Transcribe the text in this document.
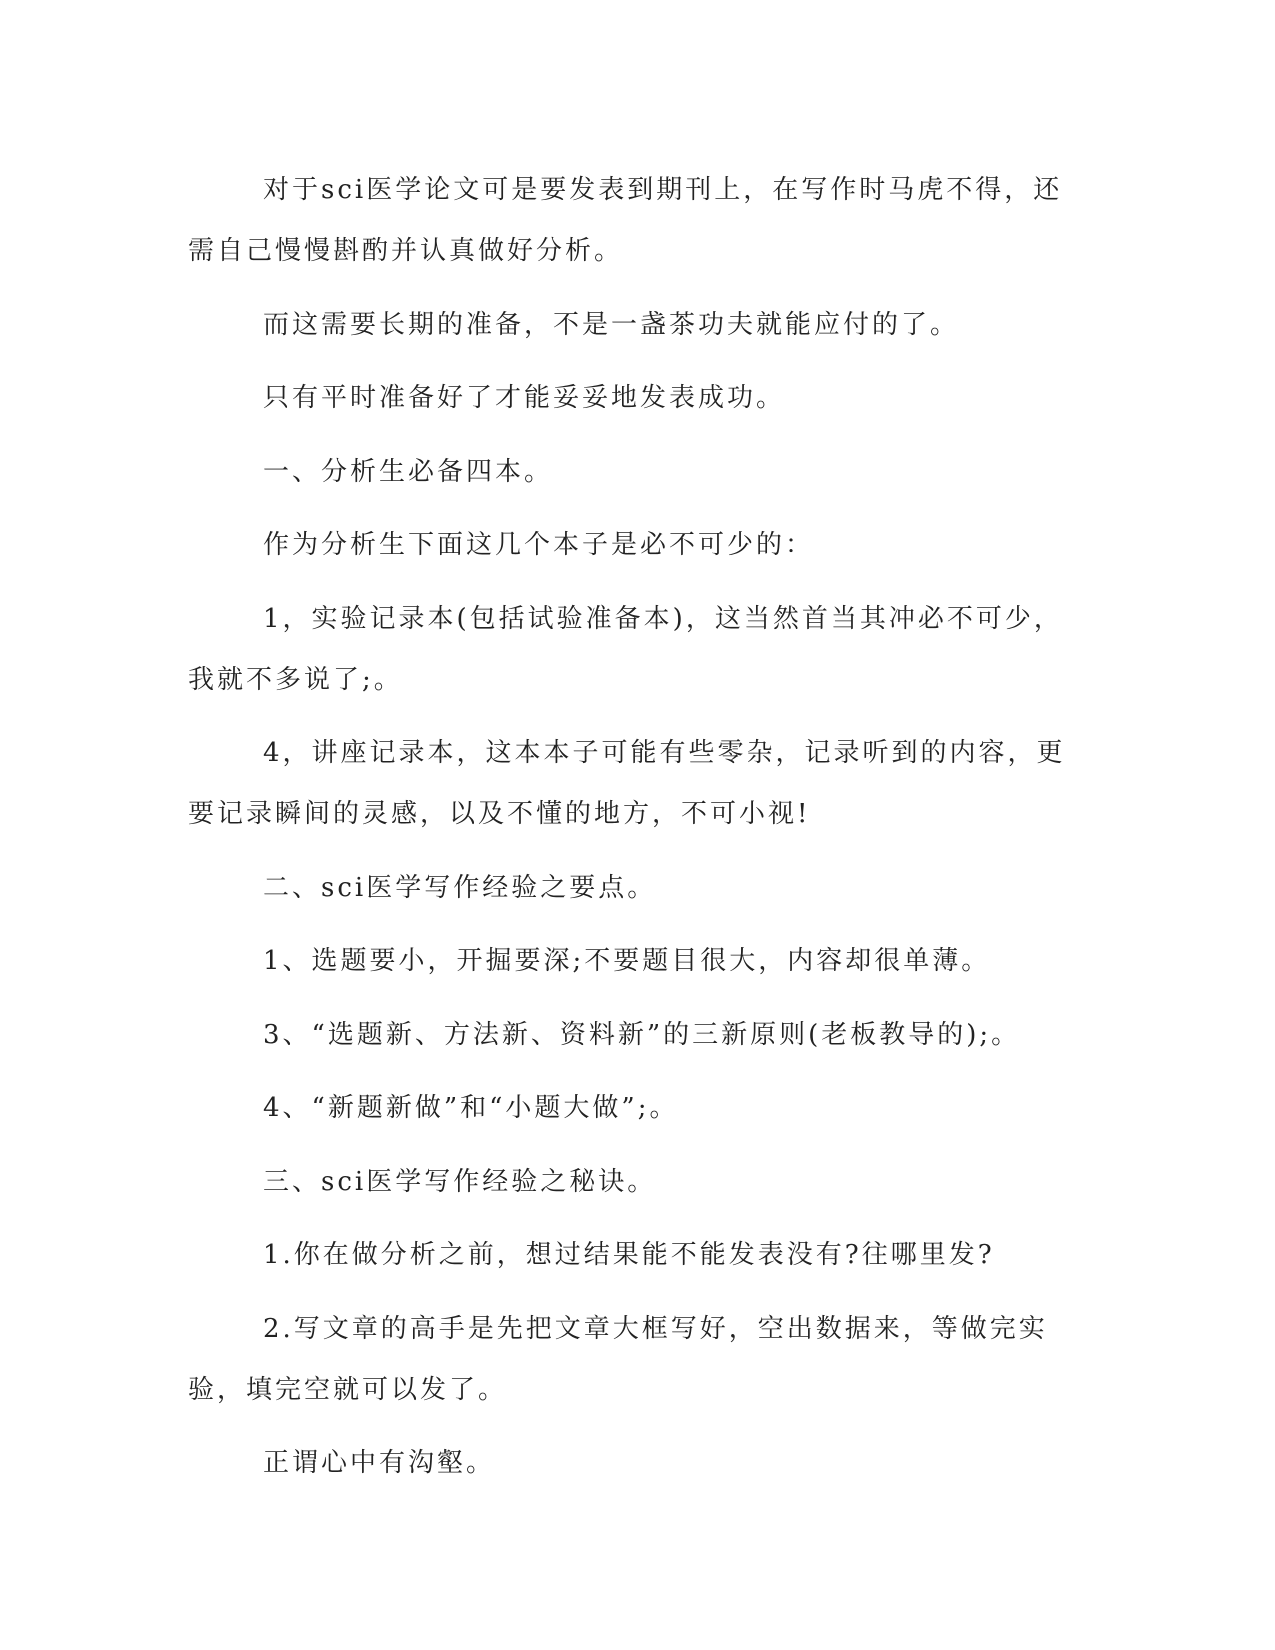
对于sci医学论文可是要发表到期刊上，在写作时马虎不得，还需自己慢慢斟酌并认真做好分析。

而这需要长期的准备，不是一盏茶功夫就能应付的了。

只有平时准备好了才能妥妥地发表成功。

一、分析生必备四本。

作为分析生下面这几个本子是必不可少的：

1，实验记录本(包括试验准备本)，这当然首当其冲必不可少，我就不多说了;。

4，讲座记录本，这本本子可能有些零杂，记录听到的内容，更要记录瞬间的灵感，以及不懂的地方，不可小视!

二、sci医学写作经验之要点。

1、选题要小，开掘要深;不要题目很大，内容却很单薄。

3、“选题新、方法新、资料新”的三新原则(老板教导的);。

4、“新题新做”和“小题大做”;。

三、sci医学写作经验之秘诀。

1.你在做分析之前，想过结果能不能发表没有?往哪里发?

2.写文章的高手是先把文章大框写好，空出数据来，等做完实验，填完空就可以发了。

正谓心中有沟壑。
